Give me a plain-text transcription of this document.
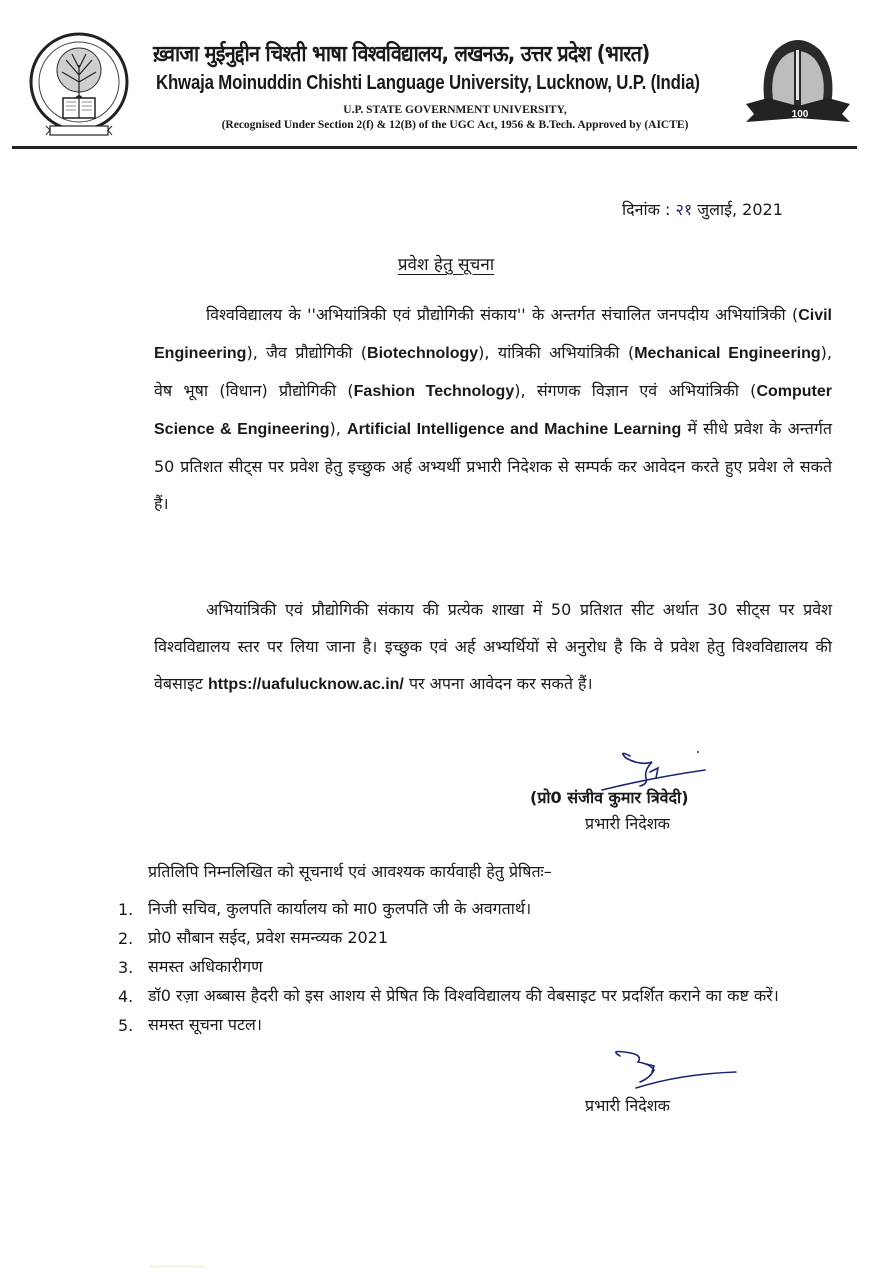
ख़्वाजा मुईनुद्दीन चिश्ती भाषा विश्वविद्यालय, लखनऊ, उत्तर प्रदेश (भारत)
Khwaja Moinuddin Chishti Language University, Lucknow, U.P. (India)
U.P. STATE GOVERNMENT UNIVERSITY,
(Recognised Under Section 2(f) & 12(B) of the UGC Act, 1956 & B.Tech. Approved by (AICTE)
100
दिनांक : २१ जुलाई, 2021
प्रवेश हेतु सूचना
विश्वविद्यालय के ''अभियांत्रिकी एवं प्रौद्योगिकी संकाय'' के अन्तर्गत संचालित जनपदीय अभियांत्रिकी (Civil Engineering), जैव प्रौद्योगिकी (Biotechnology), यांत्रिकी अभियांत्रिकी (Mechanical Engineering), वेष भूषा (विधान) प्रौद्योगिकी (Fashion Technology), संगणक विज्ञान एवं अभियांत्रिकी (Computer Science & Engineering), Artificial Intelligence and Machine Learning में सीधे प्रवेश के अन्तर्गत 50 प्रतिशत सीट्स पर प्रवेश हेतु इच्छुक अर्ह अभ्यर्थी प्रभारी निदेशक से सम्पर्क कर आवेदन करते हुए प्रवेश ले सकते हैं।
अभियांत्रिकी एवं प्रौद्योगिकी संकाय की प्रत्येक शाखा में 50 प्रतिशत सीट अर्थात 30 सीट्स पर प्रवेश विश्वविद्यालय स्तर पर लिया जाना है। इच्छुक एवं अर्ह अभ्यर्थियों से अनुरोध है कि वे प्रवेश हेतु विश्वविद्यालय की वेबसाइट https://uafulucknow.ac.in/ पर अपना आवेदन कर सकते हैं।
(प्रो0 संजीव कुमार त्रिवेदी)
प्रभारी निदेशक
प्रतिलिपि निम्नलिखित को सूचनार्थ एवं आवश्यक कार्यवाही हेतु प्रेषितः–
1. निजी सचिव, कुलपति कार्यालय को मा0 कुलपति जी के अवगतार्थ।
2. प्रो0 सौबान सईद, प्रवेश समन्व्यक 2021
3. समस्त अधिकारीगण
4. डॉ0 रज़ा अब्बास हैदरी को इस आशय से प्रेषित कि विश्वविद्यालय की वेबसाइट पर प्रदर्शित कराने का कष्ट करें।
5. समस्त सूचना पटल।
प्रभारी निदेशक
